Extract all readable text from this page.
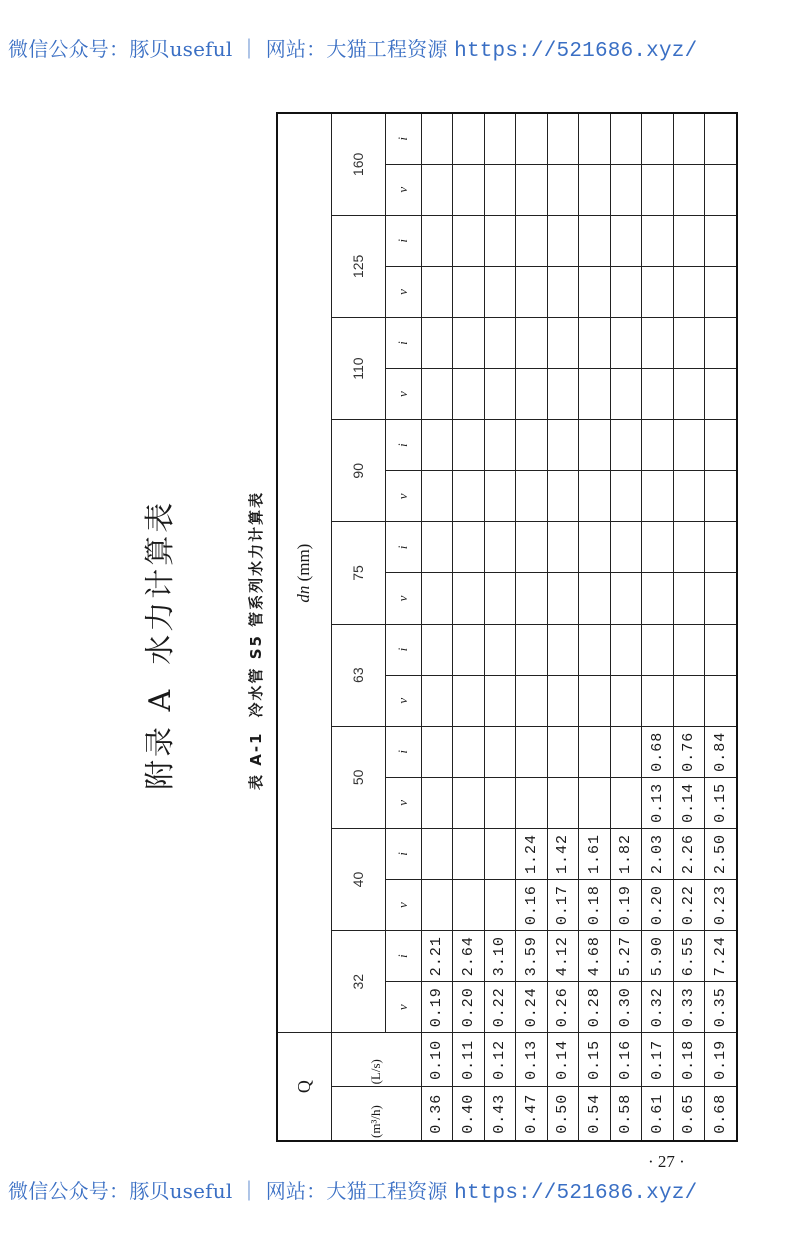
微信公众号：豚贝useful ｜ 网站：大猫工程资源 https://521686.xyz/
附录 A水力计算表
表 A-1冷水管 S5 管系列水力计算表
Q		dn (mm)																	
(m³/h)	(L/s)	32		40		50		63		75		90		110		125		160	
		v	i	v	i	v	i	v	i	v	i	v	i	v	i	v	i	v	i
0.36	0.10	0.19	2.21																
0.40	0.11	0.20	2.64																
0.43	0.12	0.22	3.10																
0.47	0.13	0.24	3.59	0.16	1.24														
0.50	0.14	0.26	4.12	0.17	1.42														
0.54	0.15	0.28	4.68	0.18	1.61														
0.58	0.16	0.30	5.27	0.19	1.82														
0.61	0.17	0.32	5.90	0.20	2.03	0.13	0.68												
0.65	0.18	0.33	6.55	0.22	2.26	0.14	0.76												
0.68	0.19	0.35	7.24	0.23	2.50	0.15	0.84												
· 27 ·
微信公众号：豚贝useful ｜ 网站：大猫工程资源 https://521686.xyz/
